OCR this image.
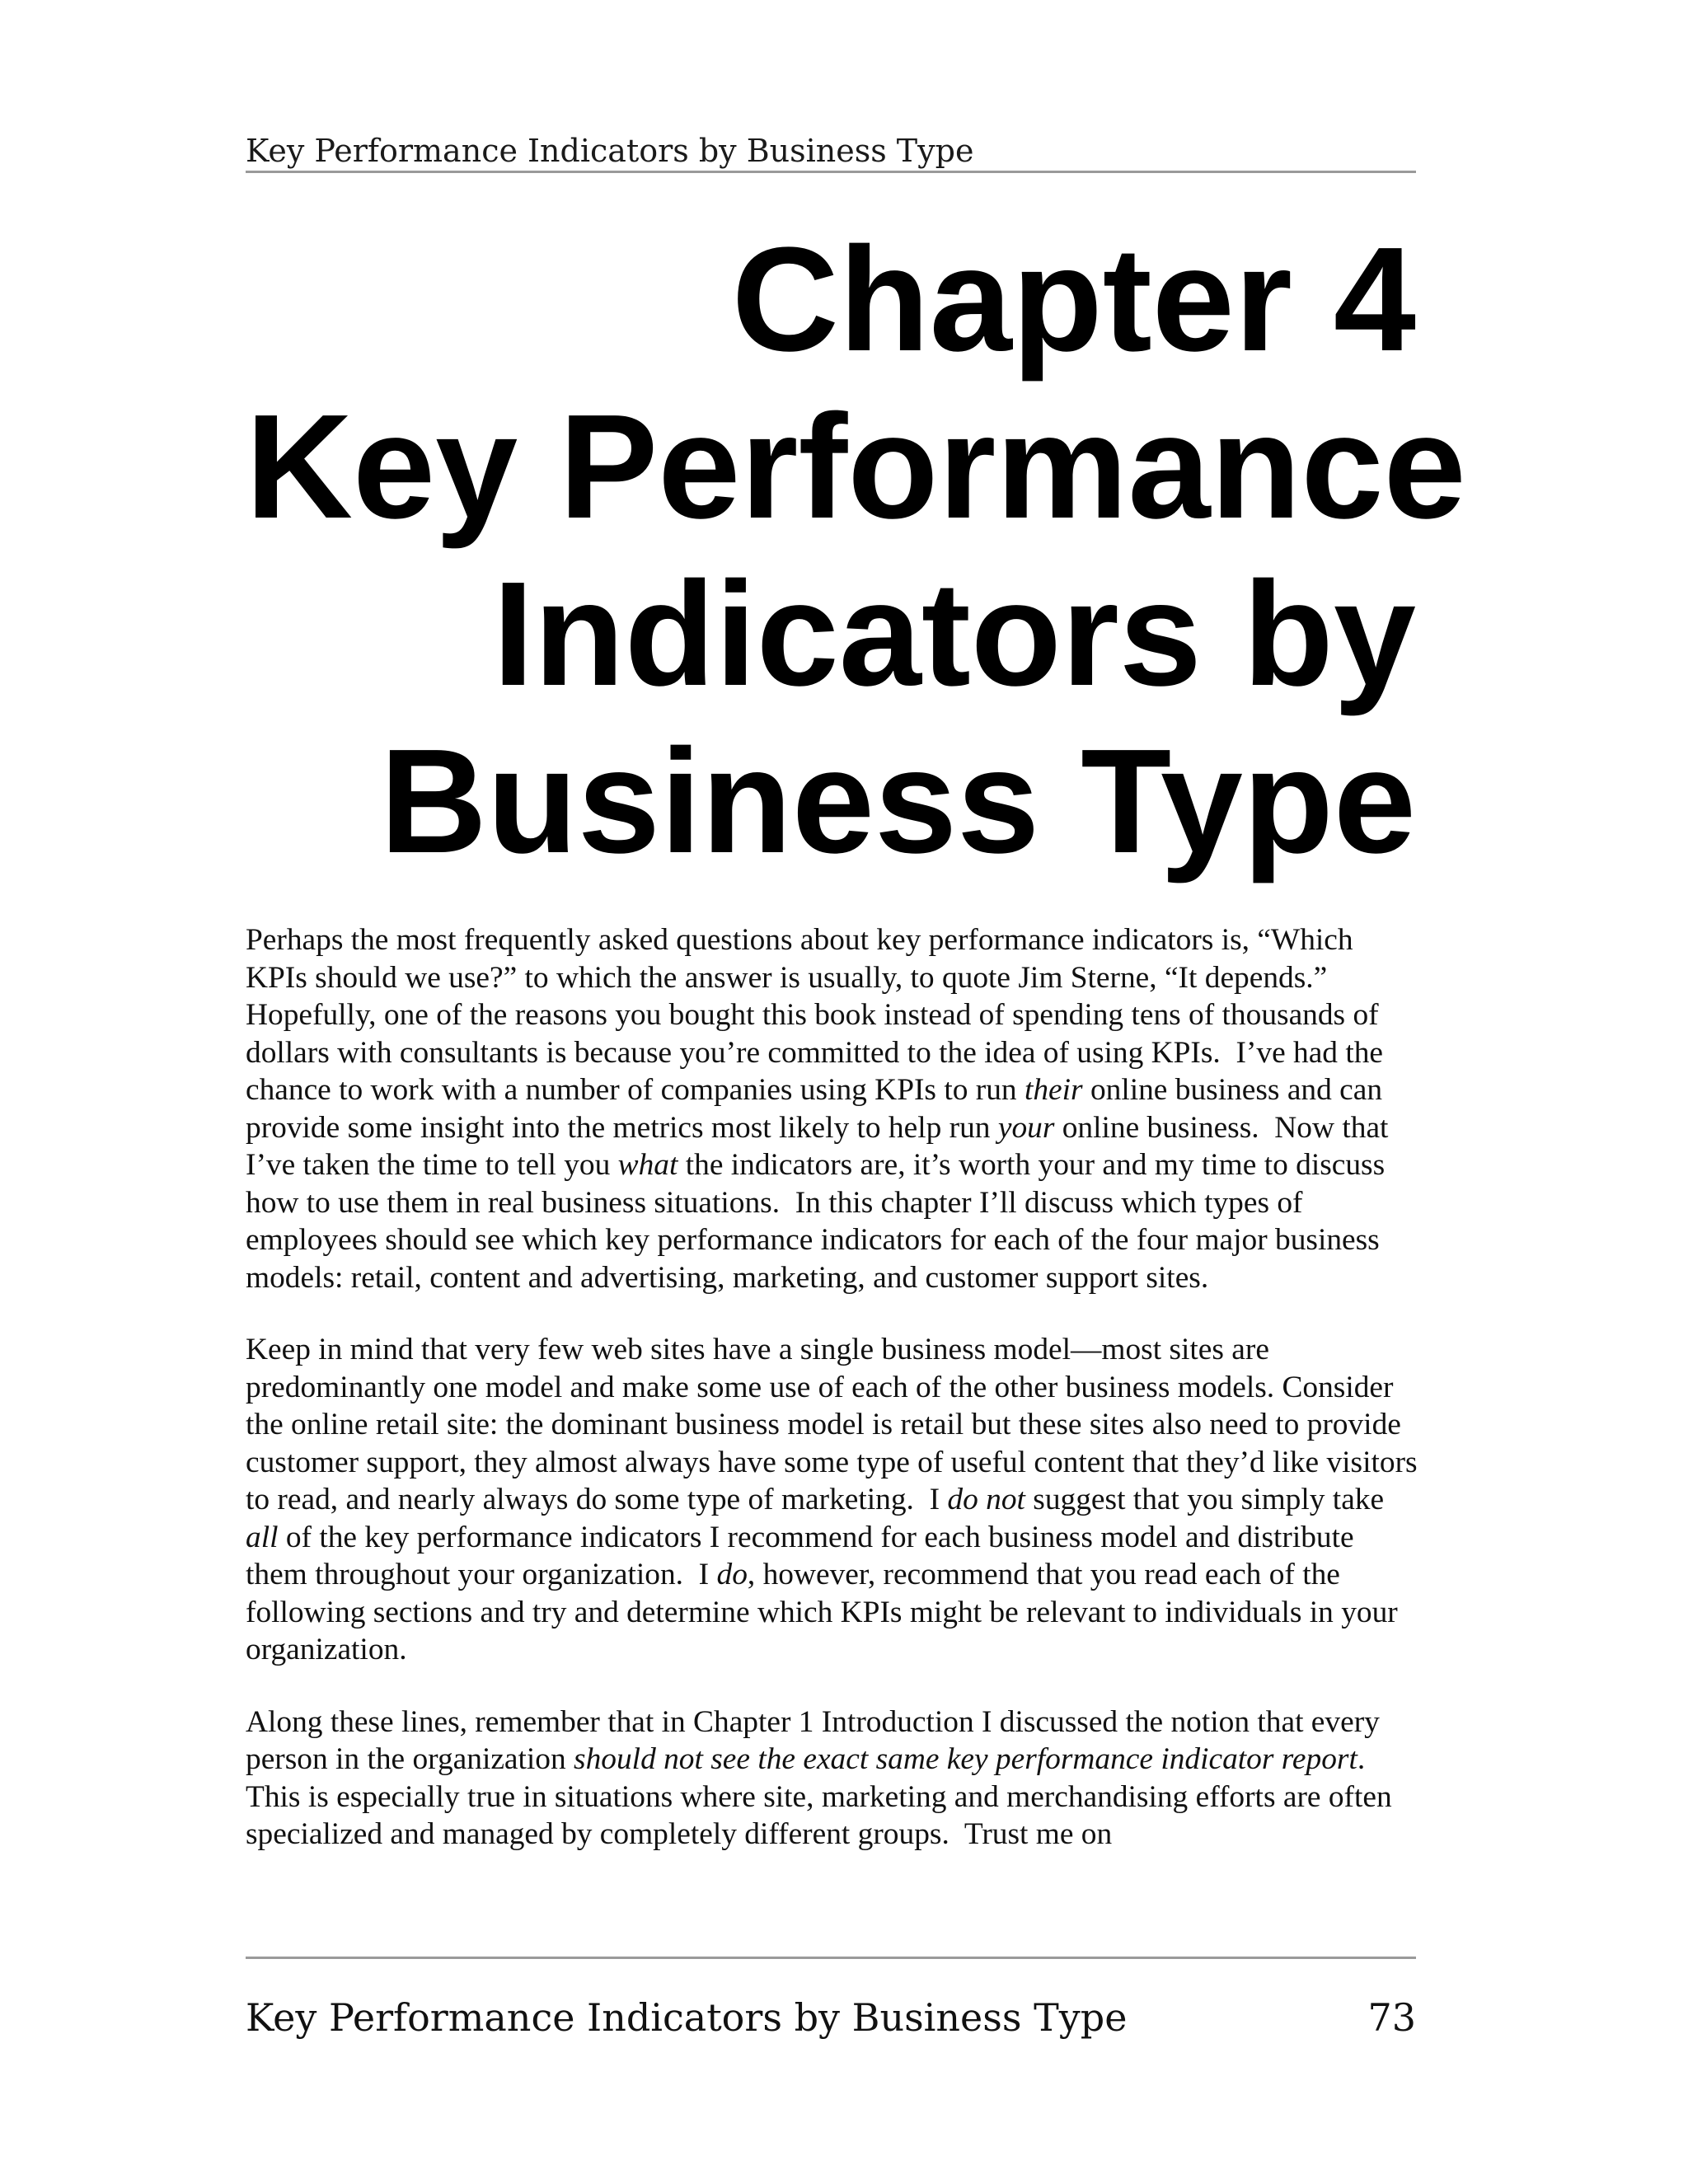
Key Performance Indicators by Business Type
Chapter 4
Key Performance
Indicators by
Business Type

Perhaps the most frequently asked questions about key performance indicators is, “Which KPIs should we use?” to which the answer is usually, to quote Jim Sterne, “It depends.” Hopefully, one of the reasons you bought this book instead of spending tens of thousands of dollars with consultants is because you’re committed to the idea of using KPIs.  I’ve had the chance to work with a number of companies using KPIs to run their online business and can provide some insight into the metrics most likely to help run your online business.  Now that I’ve taken the time to tell you what the indicators are, it’s worth your and my time to discuss how to use them in real business situations.  In this chapter I’ll discuss which types of employees should see which key performance indicators for each of the four major business models: retail, content and advertising, marketing, and customer support sites.

Keep in mind that very few web sites have a single business model—most sites are predominantly one model and make some use of each of the other business models. Consider the online retail site: the dominant business model is retail but these sites also need to provide customer support, they almost always have some type of useful content that they’d like visitors to read, and nearly always do some type of marketing.  I do not suggest that you simply take all of the key performance indicators I recommend for each business model and distribute them throughout your organization.  I do, however, recommend that you read each of the following sections and try and determine which KPIs might be relevant to individuals in your organization.

Along these lines, remember that in Chapter 1 Introduction I discussed the notion that every person in the organization should not see the exact same key performance indicator report.  This is especially true in situations where site, marketing and merchandising efforts are often specialized and managed by completely different groups.  Trust me on

Key Performance Indicators by Business Type	73
